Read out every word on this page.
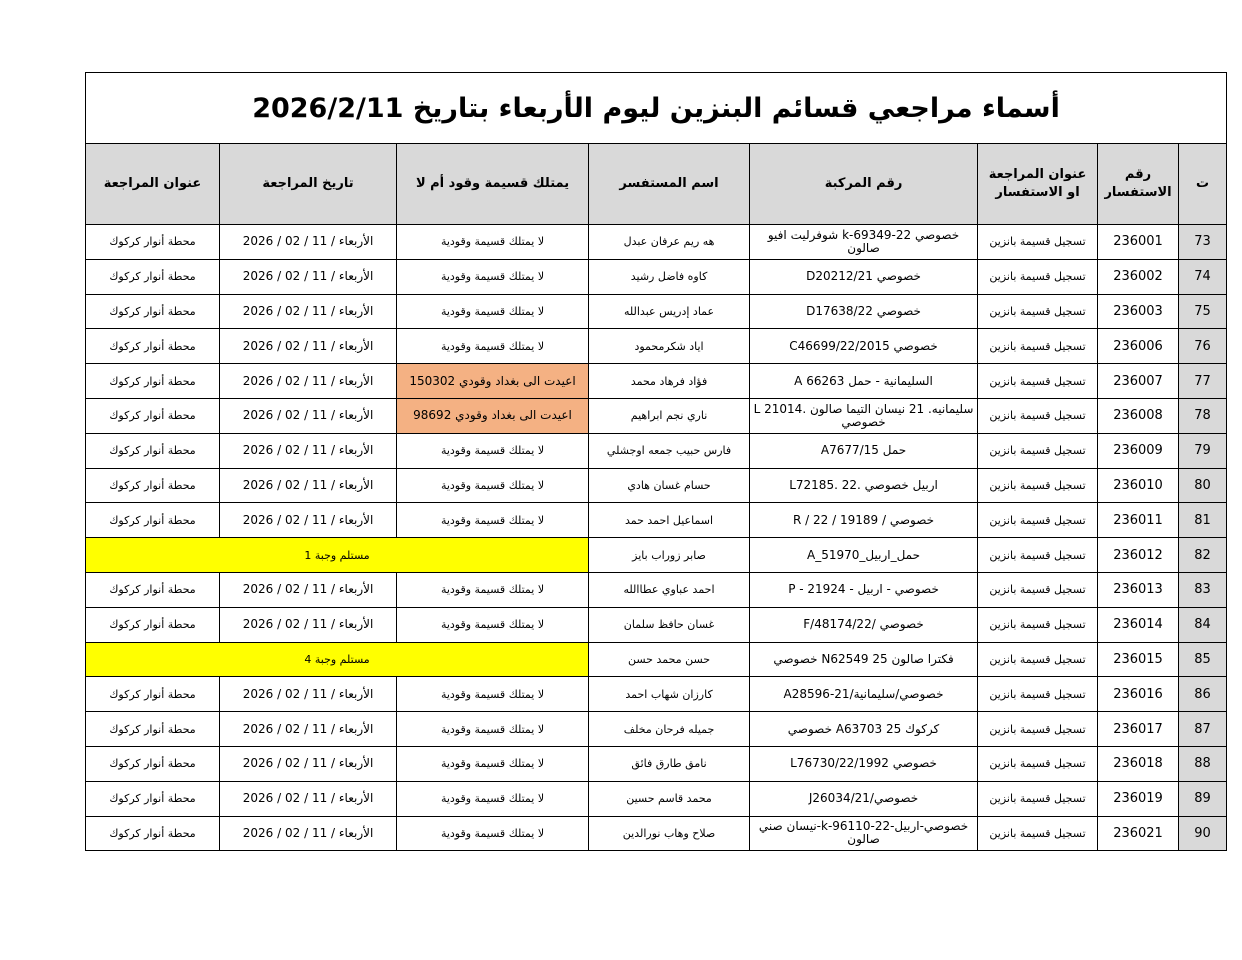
أسماء مراجعي قسائم البنزين ليوم الأربعاء بتاريخ 2026/2/11							
ت	رقم الاستفسار	عنوان المراجعة او الاستفسار	رقم المركبة	اسم المستفسر	يمتلك قسيمة وقود أم لا	تاريخ المراجعة	عنوان المراجعة
73	236001	تسجيل قسيمة بانزين	خصوصي 22-69349-k شوفرليت افيو صالون	هه ريم عرفان عبدل	لا يمتلك قسيمة وقودية	الأربعاء / 11 / 02 / 2026	محطة أنوار كركوك
74	236002	تسجيل قسيمة بانزين	خصوصي D20212/21	كاوه فاضل رشيد	لا يمتلك قسيمة وقودية	الأربعاء / 11 / 02 / 2026	محطة أنوار كركوك
75	236003	تسجيل قسيمة بانزين	خصوصي D17638/22	عماد إدريس عبدالله	لا يمتلك قسيمة وقودية	الأربعاء / 11 / 02 / 2026	محطة أنوار كركوك
76	236006	تسجيل قسيمة بانزين	خصوصي C46699/22/2015	اياد شكرمحمود	لا يمتلك قسيمة وقودية	الأربعاء / 11 / 02 / 2026	محطة أنوار كركوك
77	236007	تسجيل قسيمة بانزين	السليمانية - حمل A 66263	فؤاد فرهاد محمد	اعيدت الى بغداد وقودي 150302	الأربعاء / 11 / 02 / 2026	محطة أنوار كركوك
78	236008	تسجيل قسيمة بانزين	سليمانيه. 21 نيسان التيما صالون .L 21014 خصوصي	ناري نجم ابراهيم	اعيدت الى بغداد وقودي 98692	الأربعاء / 11 / 02 / 2026	محطة أنوار كركوك
79	236009	تسجيل قسيمة بانزين	حمل A7677/15	فارس حبيب جمعه اوجشلي	لا يمتلك قسيمة وقودية	الأربعاء / 11 / 02 / 2026	محطة أنوار كركوك
80	236010	تسجيل قسيمة بانزين	اربيل خصوصي .22 .L72185	حسام غسان هادي	لا يمتلك قسيمة وقودية	الأربعاء / 11 / 02 / 2026	محطة أنوار كركوك
81	236011	تسجيل قسيمة بانزين	خصوصي / 19189 / 22 / R	اسماعيل احمد حمد	لا يمتلك قسيمة وقودية	الأربعاء / 11 / 02 / 2026	محطة أنوار كركوك
82	236012	تسجيل قسيمة بانزين	حمل_اربيل_A_51970	صابر زوراب بايز	مستلم وجبة 1		
83	236013	تسجيل قسيمة بانزين	خصوصي - اربيل - P - 21924	احمد عباوي عطاالله	لا يمتلك قسيمة وقودية	الأربعاء / 11 / 02 / 2026	محطة أنوار كركوك
84	236014	تسجيل قسيمة بانزين	خصوصي /48174/22/F	غسان حافظ سلمان	لا يمتلك قسيمة وقودية	الأربعاء / 11 / 02 / 2026	محطة أنوار كركوك
85	236015	تسجيل قسيمة بانزين	فكترا صالون 25 N62549 خصوصي	حسن محمد حسن	مستلم وجبة 4		
86	236016	تسجيل قسيمة بانزين	خصوصي/سليمانية/21-A28596	كارزان شهاب احمد	لا يمتلك قسيمة وقودية	الأربعاء / 11 / 02 / 2026	محطة أنوار كركوك
87	236017	تسجيل قسيمة بانزين	كركوك 25 A63703 خصوصي	جميله فرحان مخلف	لا يمتلك قسيمة وقودية	الأربعاء / 11 / 02 / 2026	محطة أنوار كركوك
88	236018	تسجيل قسيمة بانزين	خصوصي L76730/22/1992	نامق طارق فائق	لا يمتلك قسيمة وقودية	الأربعاء / 11 / 02 / 2026	محطة أنوار كركوك
89	236019	تسجيل قسيمة بانزين	خصوصي/J26034/21	محمد قاسم حسين	لا يمتلك قسيمة وقودية	الأربعاء / 11 / 02 / 2026	محطة أنوار كركوك
90	236021	تسجيل قسيمة بانزين	خصوصي-اربيل-22-96110-k-نيسان صني صالون	صلاح وهاب نورالدين	لا يمتلك قسيمة وقودية	الأربعاء / 11 / 02 / 2026	محطة أنوار كركوك
